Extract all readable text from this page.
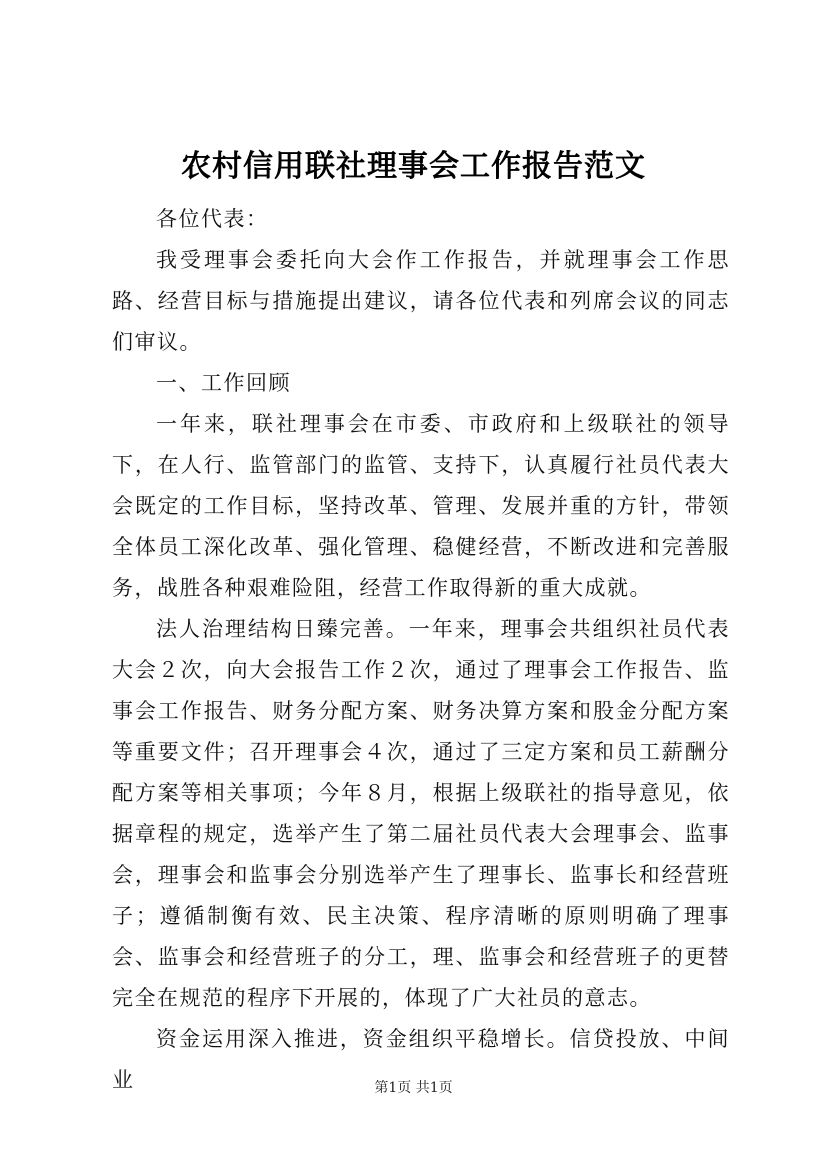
农村信用联社理事会工作报告范文

各位代表：

我受理事会委托向大会作工作报告，并就理事会工作思路、经营目标与措施提出建议，请各位代表和列席会议的同志们审议。

一、工作回顾

一年来，联社理事会在市委、市政府和上级联社的领导下，在人行、监管部门的监管、支持下，认真履行社员代表大会既定的工作目标，坚持改革、管理、发展并重的方针，带领全体员工深化改革、强化管理、稳健经营，不断改进和完善服务，战胜各种艰难险阻，经营工作取得新的重大成就。

法人治理结构日臻完善。一年来，理事会共组织社员代表大会２次，向大会报告工作２次，通过了理事会工作报告、监事会工作报告、财务分配方案、财务决算方案和股金分配方案等重要文件；召开理事会４次，通过了三定方案和员工薪酬分配方案等相关事项；今年８月，根据上级联社的指导意见，依据章程的规定，选举产生了第二届社员代表大会理事会、监事会，理事会和监事会分别选举产生了理事长、监事长和经营班子；遵循制衡有效、民主决策、程序清晰的原则明确了理事会、监事会和经营班子的分工，理、监事会和经营班子的更替完全在规范的程序下开展的，体现了广大社员的意志。

资金运用深入推进，资金组织平稳增长。信贷投放、中间业	第1页 共1页
